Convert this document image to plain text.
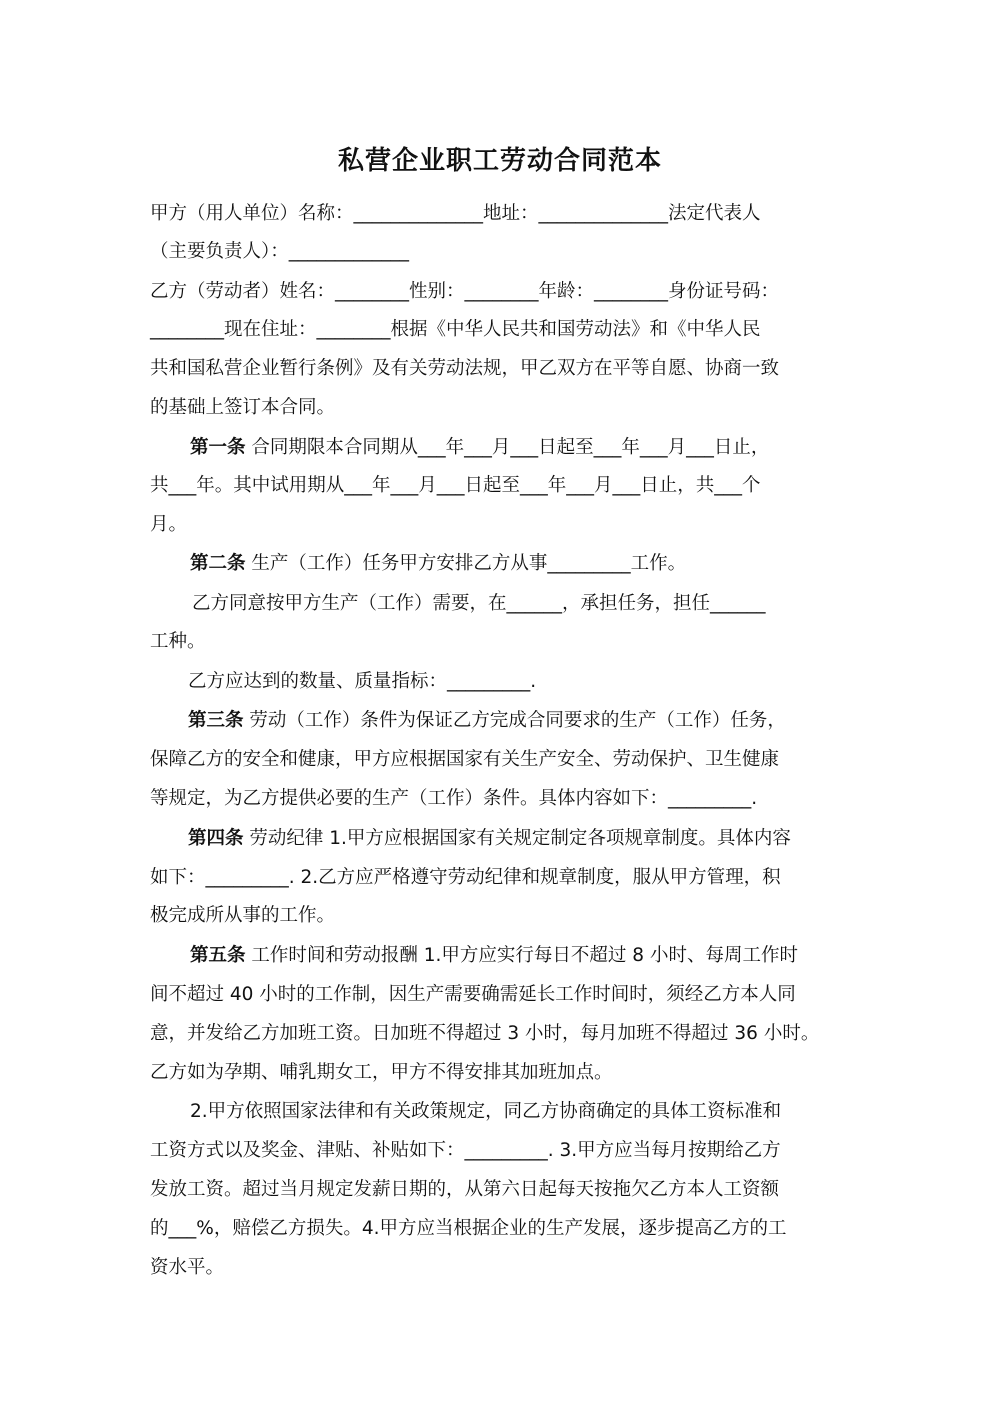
私营企业职工劳动合同范本
甲方（用人单位）名称：______________地址：______________法定代表人
（主要负责人）：_____________
乙方（劳动者）姓名：________性别：________年龄：________身份证号码：
________现在住址：________根据《中华人民共和国劳动法》和《中华人民
共和国私营企业暂行条例》及有关劳动法规，甲乙双方在平等自愿、协商一致
的基础上签订本合同。
第一条 合同期限本合同期从___年___月___日起至___年___月___日止，
共___年。其中试用期从___年___月___日起至___年___月___日止，共___个
月。
第二条 生产（工作）任务甲方安排乙方从事_________工作。
乙方同意按甲方生产（工作）需要，在______，承担任务，担任______
工种。
乙方应达到的数量、质量指标：_________.
第三条 劳动（工作）条件为保证乙方完成合同要求的生产（工作）任务，
保障乙方的安全和健康，甲方应根据国家有关生产安全、劳动保护、卫生健康
等规定，为乙方提供必要的生产（工作）条件。具体内容如下：_________.
第四条 劳动纪律 1.甲方应根据国家有关规定制定各项规章制度。具体内容
如下：_________. 2.乙方应严格遵守劳动纪律和规章制度，服从甲方管理，积
极完成所从事的工作。
第五条 工作时间和劳动报酬 1.甲方应实行每日不超过 8 小时、每周工作时
间不超过 40 小时的工作制，因生产需要确需延长工作时间时，须经乙方本人同
意，并发给乙方加班工资。日加班不得超过 3 小时，每月加班不得超过 36 小时。
乙方如为孕期、哺乳期女工，甲方不得安排其加班加点。
2.甲方依照国家法律和有关政策规定，同乙方协商确定的具体工资标准和
工资方式以及奖金、津贴、补贴如下：_________. 3.甲方应当每月按期给乙方
发放工资。超过当月规定发薪日期的，从第六日起每天按拖欠乙方本人工资额
的___%，赔偿乙方损失。4.甲方应当根据企业的生产发展，逐步提高乙方的工
资水平。
